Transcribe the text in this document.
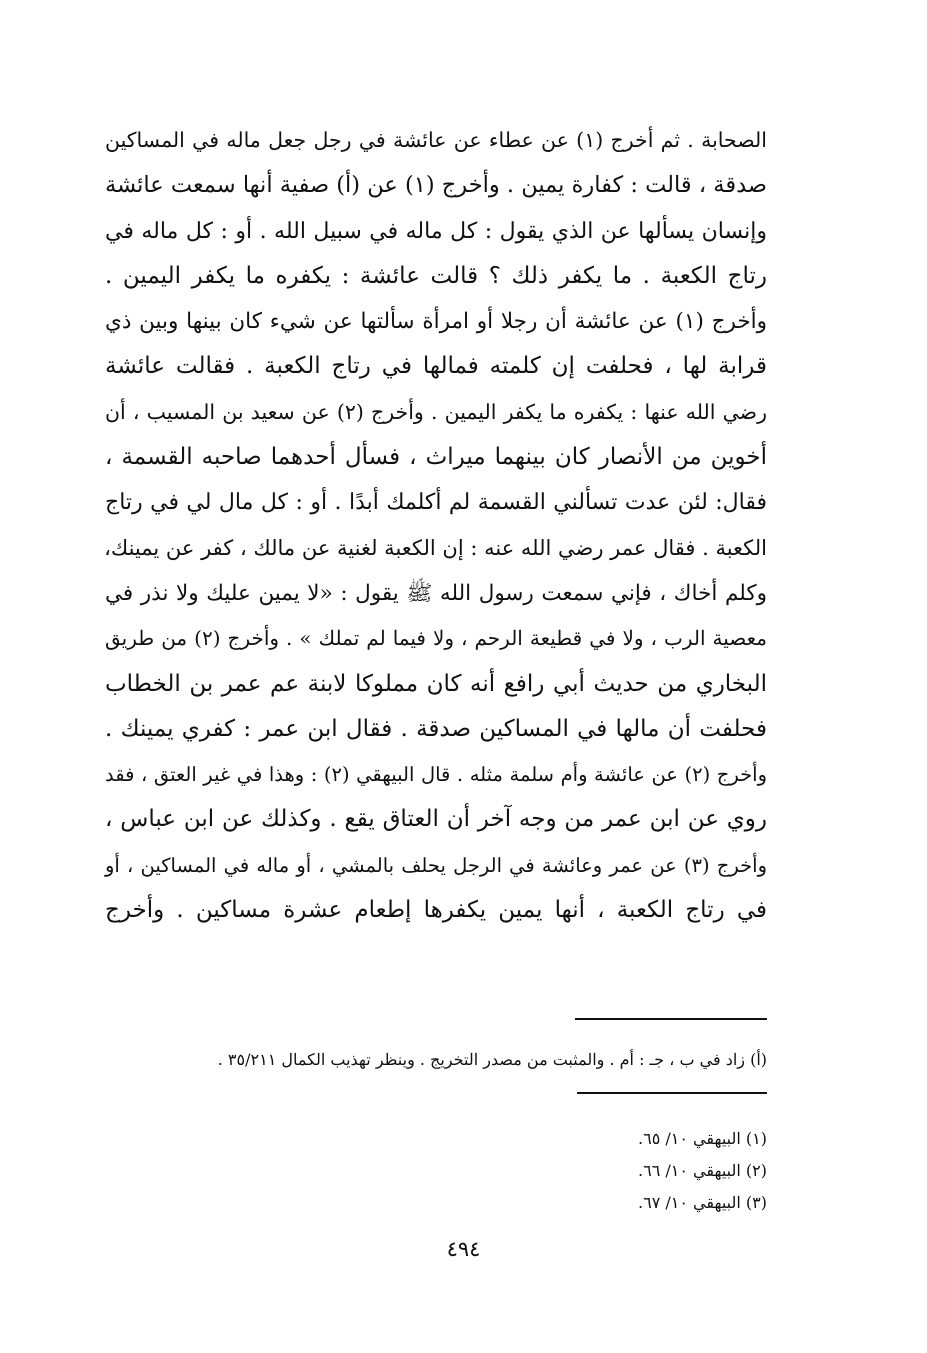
الصحابة . ثم أخرج (١) عن عطاء عن عائشة في رجل جعل ماله في المساكين
صدقة ، قالت : كفارة يمين . وأخرج (١) عن (أ) صفية أنها سمعت عائشة
وإنسان يسألها عن الذي يقول : كل ماله في سبيل الله . أو : كل ماله في
رتاج الكعبة . ما يكفر ذلك ؟ قالت عائشة : يكفره ما يكفر اليمين .
وأخرج (١) عن عائشة أن رجلا أو امرأة سألتها عن شيء كان بينها وبين ذي
قرابة لها ، فحلفت إن كلمته فمالها في رتاج الكعبة . فقالت عائشة
رضي الله عنها : يكفره ما يكفر اليمين . وأخرج (٢) عن سعيد بن المسيب ، أن
أخوين من الأنصار كان بينهما ميراث ، فسأل أحدهما صاحبه القسمة ،
فقال: لئن عدت تسألني القسمة لم أكلمك أبدًا . أو : كل مال لي في رتاج
الكعبة . فقال عمر رضي الله عنه : إن الكعبة لغنية عن مالك ، كفر عن يمينك،
وكلم أخاك ، فإني سمعت رسول الله ﷺ يقول : «لا يمين عليك ولا نذر في
معصية الرب ، ولا في قطيعة الرحم ، ولا فيما لم تملك » . وأخرج (٢) من طريق
البخاري من حديث أبي رافع أنه كان مملوكا لابنة عم عمر بن الخطاب
فحلفت أن مالها في المساكين صدقة . فقال ابن عمر : كفري يمينك .
وأخرج (٢) عن عائشة وأم سلمة مثله . قال البيهقي (٢) : وهذا في غير العتق ، فقد
روي عن ابن عمر من وجه آخر أن العتاق يقع . وكذلك عن ابن عباس ،
وأخرج (٣) عن عمر وعائشة في الرجل يحلف بالمشي ، أو ماله في المساكين ، أو
في رتاج الكعبة ، أنها يمين يكفرها إطعام عشرة مساكين . وأخرج
(أ) زاد في ب ، جـ : أم . والمثبت من مصدر التخريج . وينظر تهذيب الكمال ٣٥/٢١١ .
(١) البيهقي ١٠/ ٦٥.
(٢) البيهقي ١٠/ ٦٦.
(٣) البيهقي ١٠/ ٦٧.
٤٩٤
